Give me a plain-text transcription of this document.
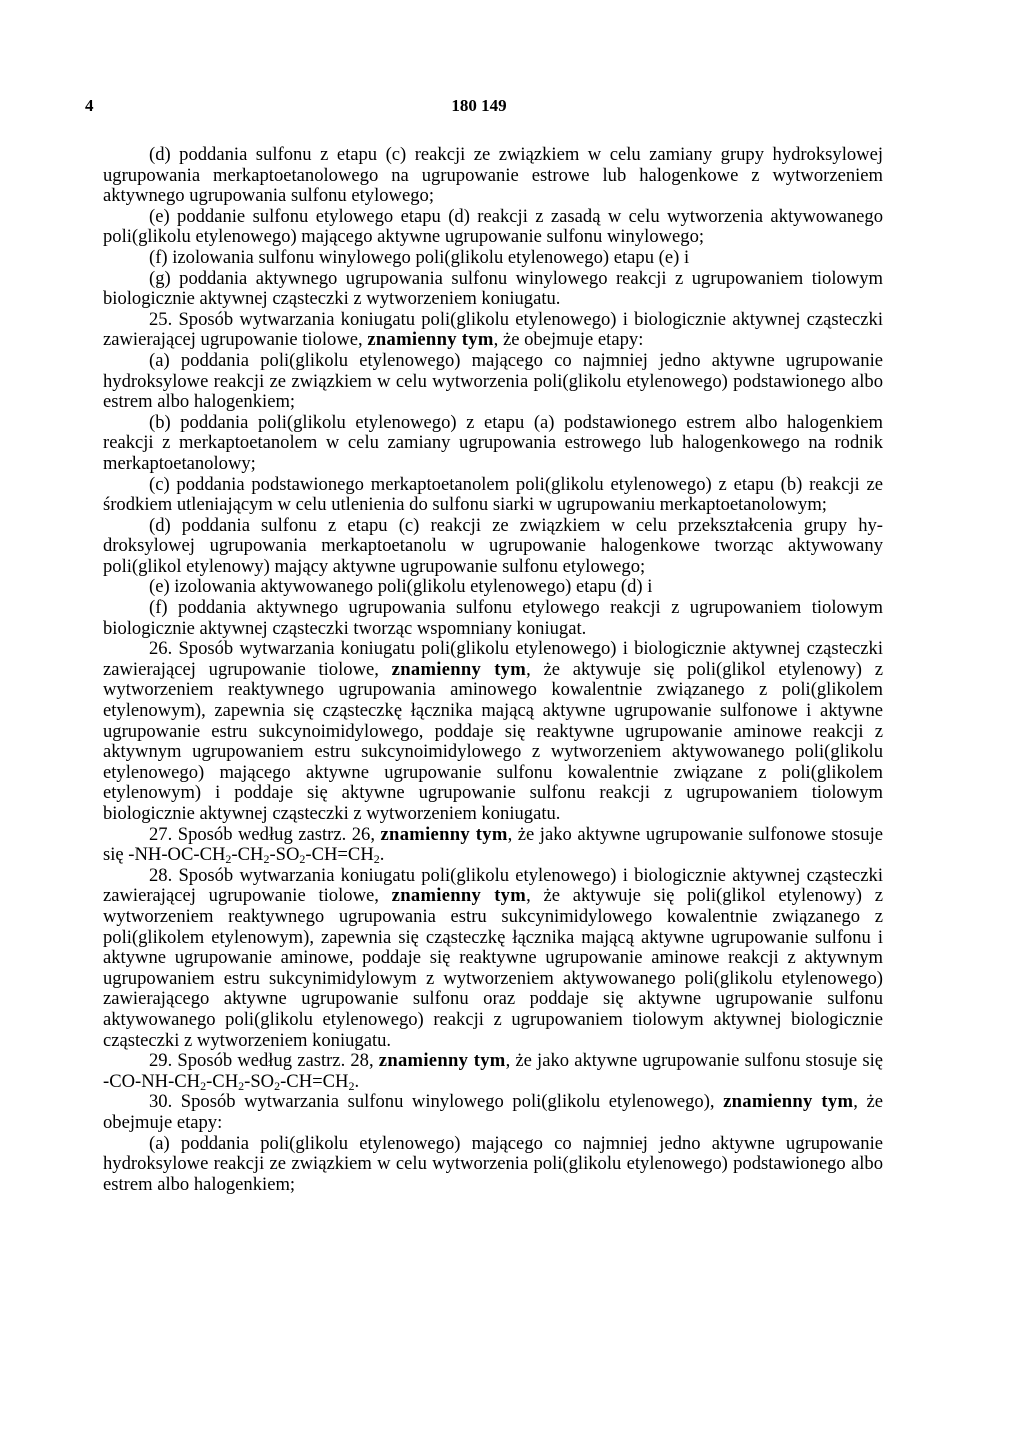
4	180 149

(d) poddania sulfonu z etapu (c) reakcji ze związkiem w celu zamiany grupy hydroksylowej ugrupowania merkaptoetanolowego na ugrupowanie estrowe lub halogenkowe z wytworzeniem aktywnego ugrupowania sulfonu etylowego;

(e) poddanie sulfonu etylowego etapu (d) reakcji z zasadą w celu wytworzenia aktywowanego poli(glikolu etylenowego) mającego aktywne ugrupowanie sulfonu winylowego;

(f) izolowania sulfonu winylowego poli(glikolu etylenowego) etapu (e) i

(g) poddania aktywnego ugrupowania sulfonu winylowego reakcji z ugrupowaniem tiolowym biologicznie aktywnej cząsteczki z wytworzeniem koniugatu.

25. Sposób wytwarzania koniugatu poli(glikolu etylenowego) i biologicznie aktywnej cząsteczki zawierającej ugrupowanie tiolowe, znamienny tym, że obejmuje etapy:

(a) poddania poli(glikolu etylenowego) mającego co najmniej jedno aktywne ugrupowanie hydroksylowe reakcji ze związkiem w celu wytworzenia poli(glikolu etylenowego) podstawionego albo estrem albo halogenkiem;

(b) poddania poli(glikolu etylenowego) z etapu (a) podstawionego estrem albo halogenkiem reakcji z merkaptoetanolem w celu zamiany ugrupowania estrowego lub halogenkowego na rodnik merkaptoetanolowy;

(c) poddania podstawionego merkaptoetanolem poli(glikolu etylenowego) z etapu (b) reakcji ze środkiem utleniającym w celu utlenienia do sulfonu siarki w ugrupowaniu merkaptoetanolowym;

(d) poddania sulfonu z etapu (c) reakcji ze związkiem w celu przekształcenia grupy hydroksylowej ugrupowania merkaptoetanolu w ugrupowanie halogenkowe tworząc aktywowany poli(glikol etylenowy) mający aktywne ugrupowanie sulfonu etylowego;

(e) izolowania aktywowanego poli(glikolu etylenowego) etapu (d) i

(f) poddania aktywnego ugrupowania sulfonu etylowego reakcji z ugrupowaniem tiolowym biologicznie aktywnej cząsteczki tworząc wspomniany koniugat.

26. Sposób wytwarzania koniugatu poli(glikolu etylenowego) i biologicznie aktywnej cząsteczki zawierającej ugrupowanie tiolowe, znamienny tym, że aktywuje się poli(glikol etylenowy) z wytworzeniem reaktywnego ugrupowania aminowego kowalentnie związanego z poli(glikolem etylenowym), zapewnia się cząsteczkę łącznika mającą aktywne ugrupowanie sulfonowe i aktywne ugrupowanie estru sukcynoimidylowego, poddaje się reaktywne ugrupowanie aminowe reakcji z aktywnym ugrupowaniem estru sukcynoimidylowego z wytworzeniem aktywowanego poli(glikolu etylenowego) mającego aktywne ugrupowanie sulfonu kowalentnie związane z poli(glikolem etylenowym) i poddaje się aktywne ugrupowanie sulfonu reakcji z ugrupowaniem tiolowym biologicznie aktywnej cząsteczki z wytworzeniem koniugatu.

27. Sposób według zastrz. 26, znamienny tym, że jako aktywne ugrupowanie sulfonowe stosuje się $-NH-OC-CH_2-CH_2-SO_2-CH=CH_2$.

28. Sposób wytwarzania koniugatu poli(glikolu etylenowego) i biologicznie aktywnej cząsteczki zawierającej ugrupowanie tiolowe, znamienny tym, że aktywuje się poli(glikol etylenowy) z wytworzeniem reaktywnego ugrupowania estru sukcynimidylowego kowalentnie związanego z poli(glikolem etylenowym), zapewnia się cząsteczkę łącznika mającą aktywne ugrupowanie sulfonu i aktywne ugrupowanie aminowe, poddaje się reaktywne ugrupowanie aminowe reakcji z aktywnym ugrupowaniem estru sukcynimidylowym z wytworzeniem aktywowanego poli(glikolu etylenowego) zawierającego aktywne ugrupowanie sulfonu oraz poddaje się aktywne ugrupowanie sulfonu aktywowanego poli(glikolu etylenowego) reakcji z ugrupowaniem tiolowym aktywnej biologicznie cząsteczki z wytworzeniem koniugatu.

29. Sposób według zastrz. 28, znamienny tym, że jako aktywne ugrupowanie sulfonu stosuje się $-CO-NH-CH_2-CH_2-SO_2-CH=CH_2$.

30. Sposób wytwarzania sulfonu winylowego poli(glikolu etylenowego), znamienny tym, że obejmuje etapy:

(a) poddania poli(glikolu etylenowego) mającego co najmniej jedno aktywne ugrupowanie hydroksylowe reakcji ze związkiem w celu wytworzenia poli(glikolu etylenowego) podstawionego albo estrem albo halogenkiem;
